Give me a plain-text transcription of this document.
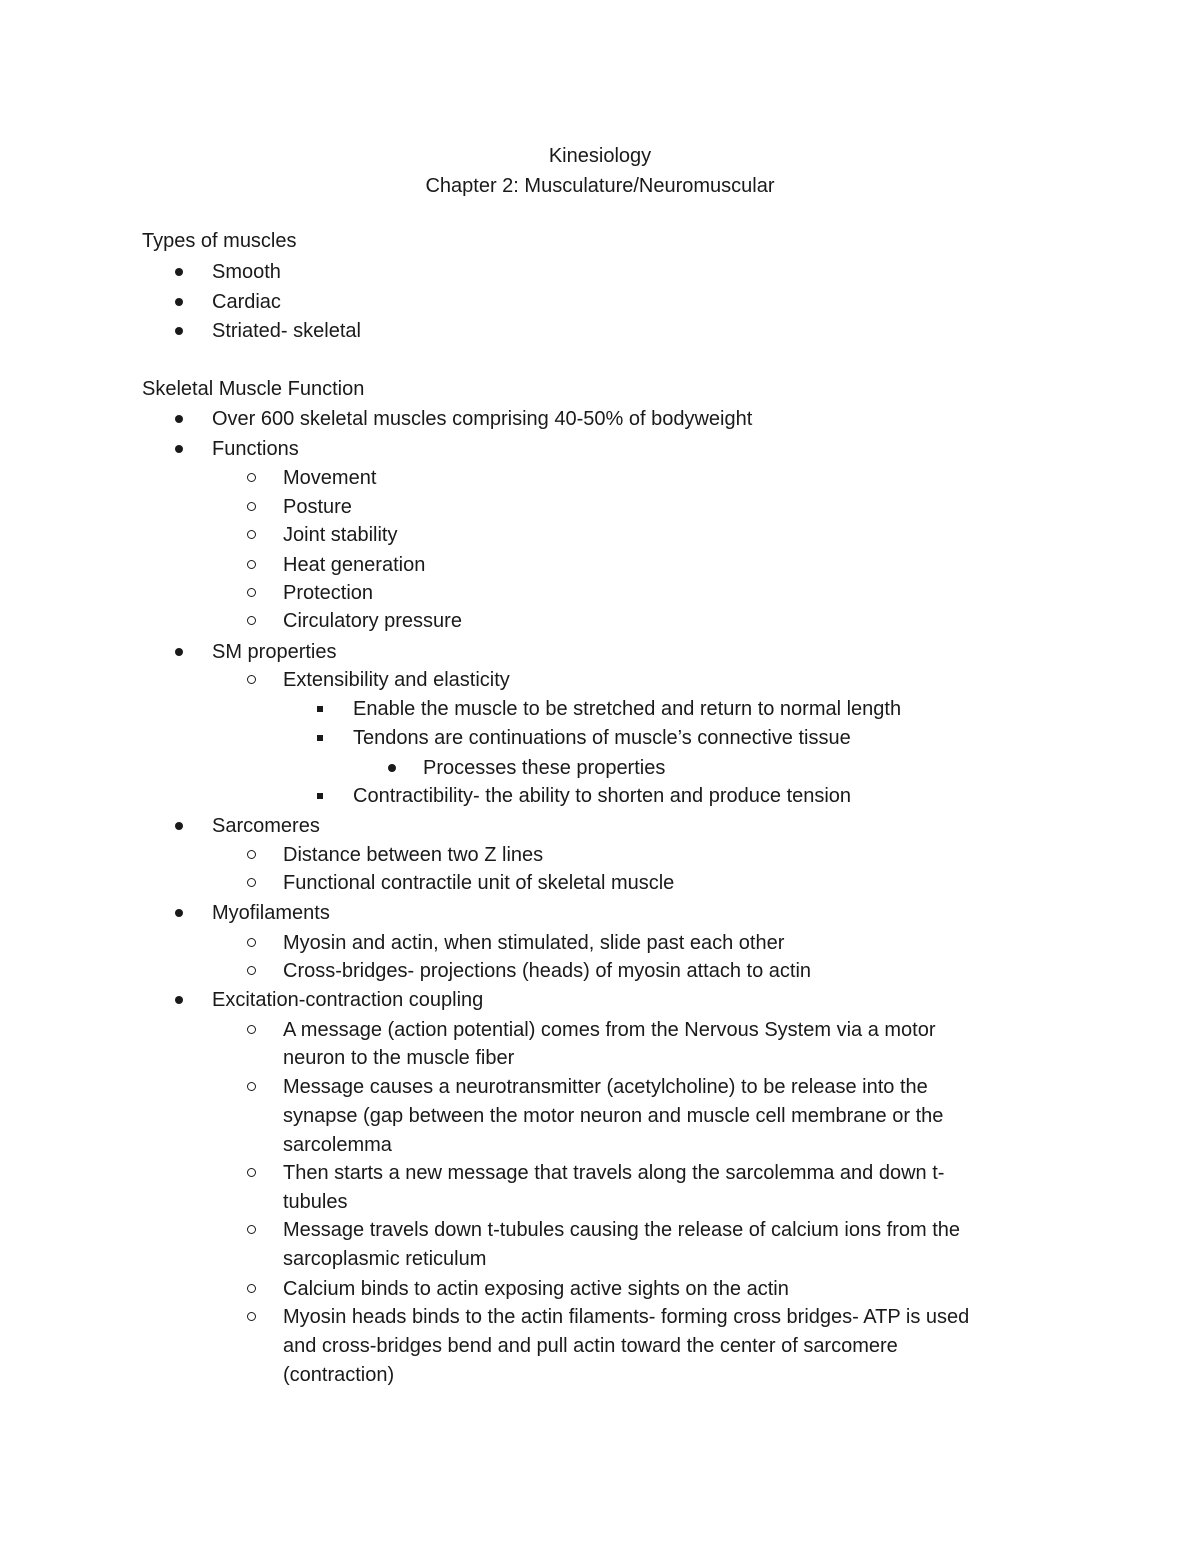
Kinesiology
Chapter 2: Musculature/Neuromuscular
Types of muscles
Smooth
Cardiac
Striated- skeletal
Skeletal Muscle Function
Over 600 skeletal muscles comprising 40-50% of bodyweight
Functions
Movement
Posture
Joint stability
Heat generation
Protection
Circulatory pressure
SM properties
Extensibility and elasticity
Enable the muscle to be stretched and return to normal length
Tendons are continuations of muscle’s connective tissue
Processes these properties
Contractibility- the ability to shorten and produce tension
Sarcomeres
Distance between two Z lines
Functional contractile unit of skeletal muscle
Myofilaments
Myosin and actin, when stimulated, slide past each other
Cross-bridges- projections (heads) of myosin attach to actin
Excitation-contraction coupling
A message (action potential) comes from the Nervous System via a motor
neuron to the muscle fiber
Message causes a neurotransmitter (acetylcholine) to be release into the
synapse (gap between the motor neuron and muscle cell membrane or the
sarcolemma
Then starts a new message that travels along the sarcolemma and down t-
tubules
Message travels down t-tubules causing the release of calcium ions from the
sarcoplasmic reticulum
Calcium binds to actin exposing active sights on the actin
Myosin heads binds to the actin filaments- forming cross bridges- ATP is used
and cross-bridges bend and pull actin toward the center of sarcomere
(contraction)
